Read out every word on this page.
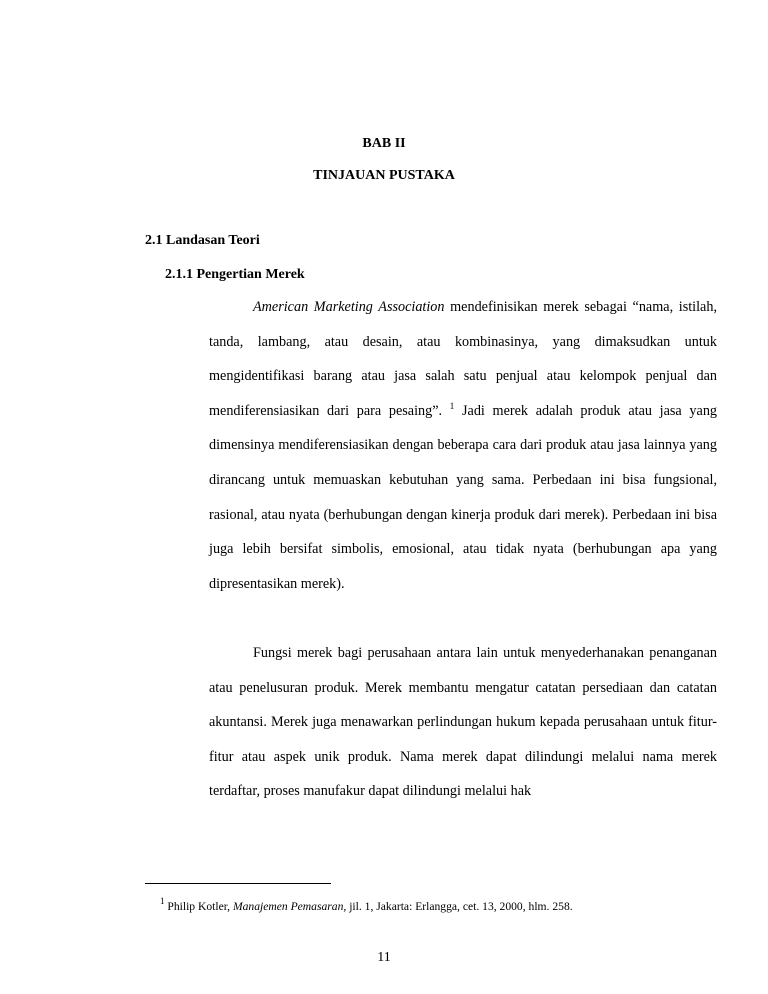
BAB II
TINJAUAN PUSTAKA
2.1 Landasan Teori
2.1.1 Pengertian Merek

American Marketing Association mendefinisikan merek sebagai “nama, istilah, tanda, lambang, atau desain, atau kombinasinya, yang dimaksudkan untuk mengidentifikasi barang atau jasa salah satu penjual atau kelompok penjual dan mendiferensiasikan dari para pesaing”. $^1$ Jadi merek adalah produk atau jasa yang dimensinya mendiferensiasikan dengan beberapa cara dari produk atau jasa lainnya yang dirancang untuk memuaskan kebutuhan yang sama. Perbedaan ini bisa fungsional, rasional, atau nyata (berhubungan dengan kinerja produk dari merek). Perbedaan ini bisa juga lebih bersifat simbolis, emosional, atau tidak nyata (berhubungan apa yang dipresentasikan merek).

Fungsi merek bagi perusahaan antara lain untuk menyederhanakan penanganan atau penelusuran produk. Merek membantu mengatur catatan persediaan dan catatan akuntansi. Merek juga menawarkan perlindungan hukum kepada perusahaan untuk fitur-fitur atau aspek unik produk. Nama merek dapat dilindungi melalui nama merek terdaftar, proses manufakur dapat dilindungi melalui hak

$^1$ Philip Kotler, Manajemen Pemasaran, jil. 1, Jakarta: Erlangga, cet. 13, 2000, hlm. 258.
11
